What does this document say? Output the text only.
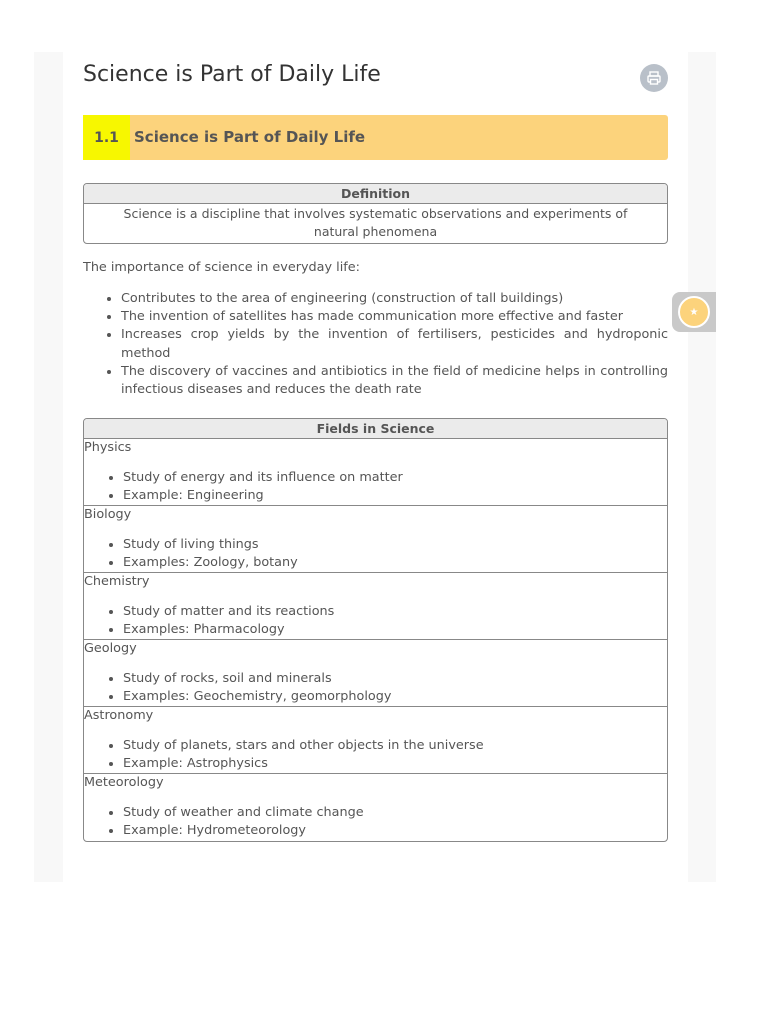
Science is Part of Daily Life
1.1	Science is Part of Daily Life
Definition
Science is a discipline that involves systematic observations and experiments of natural phenomena
The importance of science in everyday life:
• Contributes to the area of engineering (construction of tall buildings)
• The invention of satellites has made communication more effective and faster
• Increases crop yields by the invention of fertilisers, pesticides and hydroponic method
• The discovery of vaccines and antibiotics in the field of medicine helps in controlling infectious diseases and reduces the death rate
★
Fields in Science
Physics
• Study of energy and its influence on matter
• Example: Engineering
Biology
• Study of living things
• Examples: Zoology, botany
Chemistry
• Study of matter and its reactions
• Examples: Pharmacology
Geology
• Study of rocks, soil and minerals
• Examples: Geochemistry, geomorphology
Astronomy
• Study of planets, stars and other objects in the universe
• Example: Astrophysics
Meteorology
• Study of weather and climate change
• Example: Hydrometeorology
